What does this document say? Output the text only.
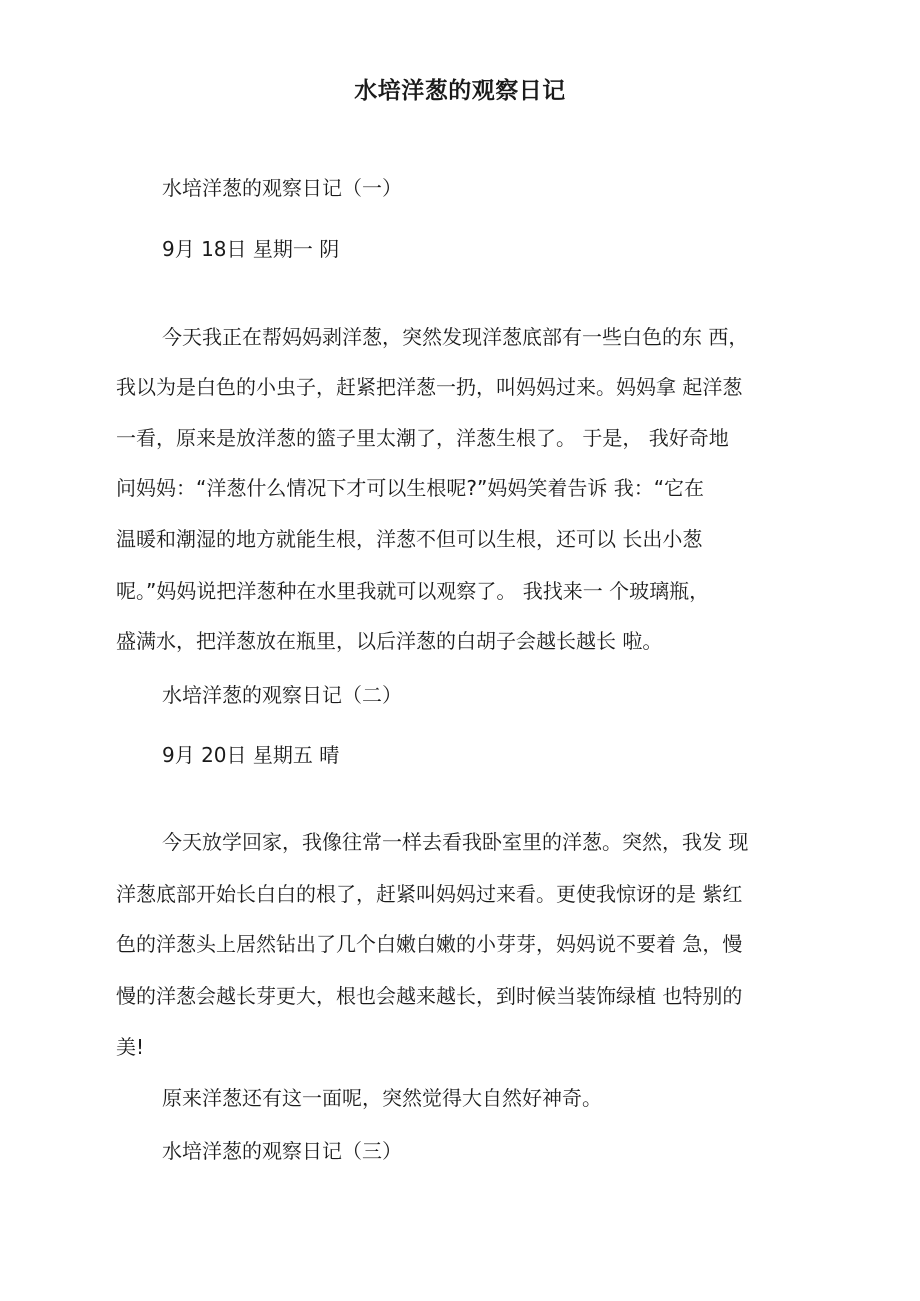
水培洋葱的观察日记
水培洋葱的观察日记（一）
9月 18日 星期一 阴
今天我正在帮妈妈剥洋葱，突然发现洋葱底部有一些白色的东 西，
我以为是白色的小虫子，赶紧把洋葱一扔，叫妈妈过来。妈妈拿 起洋葱
一看，原来是放洋葱的篮子里太潮了，洋葱生根了。 于是， 我好奇地
问妈妈：“洋葱什么情况下才可以生根呢?”妈妈笑着告诉 我：“它在
温暖和潮湿的地方就能生根，洋葱不但可以生根，还可以 长出小葱
呢。”妈妈说把洋葱种在水里我就可以观察了。 我找来一 个玻璃瓶，
盛满水，把洋葱放在瓶里，以后洋葱的白胡子会越长越长 啦。
水培洋葱的观察日记（二）
9月 20日 星期五 晴
今天放学回家，我像往常一样去看我卧室里的洋葱。突然，我发 现
洋葱底部开始长白白的根了，赶紧叫妈妈过来看。更使我惊讶的是 紫红
色的洋葱头上居然钻出了几个白嫩白嫩的小芽芽，妈妈说不要着 急，慢
慢的洋葱会越长芽更大，根也会越来越长，到时候当装饰绿植 也特别的
美!
原来洋葱还有这一面呢，突然觉得大自然好神奇。
水培洋葱的观察日记（三）
